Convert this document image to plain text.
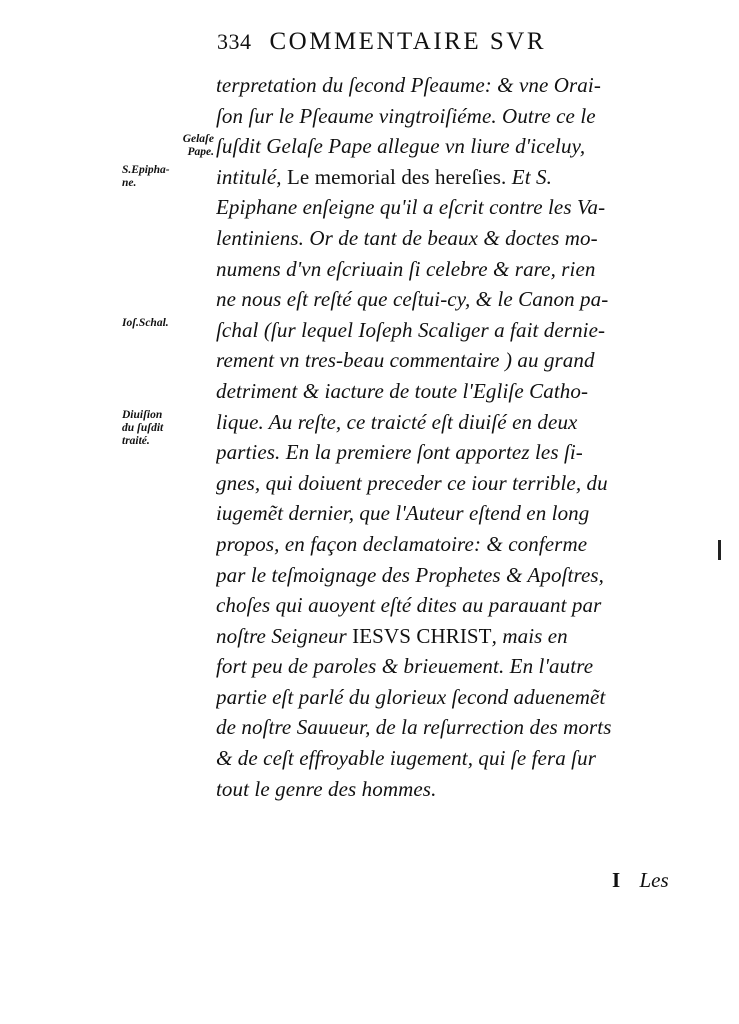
334 COMMENTAIRE SVR
Gelaſe
Pape.
S.Epipha-
ne.
Ioſ.Schal.
Diuiſion
du ſuſdit
traité.
terpretation du ſecond Pſeaume: & vne Orai-
ſon ſur le Pſeaume vingtroiſiéme. Outre ce le
ſuſdit Gelaſe Pape allegue vn liure d'iceluy,
intitulé, Le memorial des hereſies. Et S.
Epiphane enſeigne qu'il a eſcrit contre les Va-
lentiniens. Or de tant de beaux & doctes mo-
numens d'vn eſcriuain ſi celebre & rare, rien
ne nous eſt reſté que ceſtui-cy, & le Canon pa-
ſchal (ſur lequel Ioſeph Scaliger a fait dernie-
rement vn tres-beau commentaire ) au grand
detriment & iacture de toute l'Egliſe Catho-
lique. Au reſte, ce traicté eſt diuiſé en deux
parties. En la premiere ſont apportez les ſi-
gnes, qui doiuent preceder ce iour terrible, du
iugemẽt dernier, que l'Auteur eſtend en long
propos, en façon declamatoire: & conferme
par le teſmoignage des Prophetes & Apoſtres,
choſes qui auoyent eſté dites au parauant par
noſtre Seigneur IESVS CHRIST, mais en
fort peu de paroles & brieuement. En l'autre
partie eſt parlé du glorieux ſecond aduenemẽt
de noſtre Sauueur, de la reſurrection des morts
& de ceſt effroyable iugement, qui ſe fera ſur
tout le genre des hommes.
I Les
